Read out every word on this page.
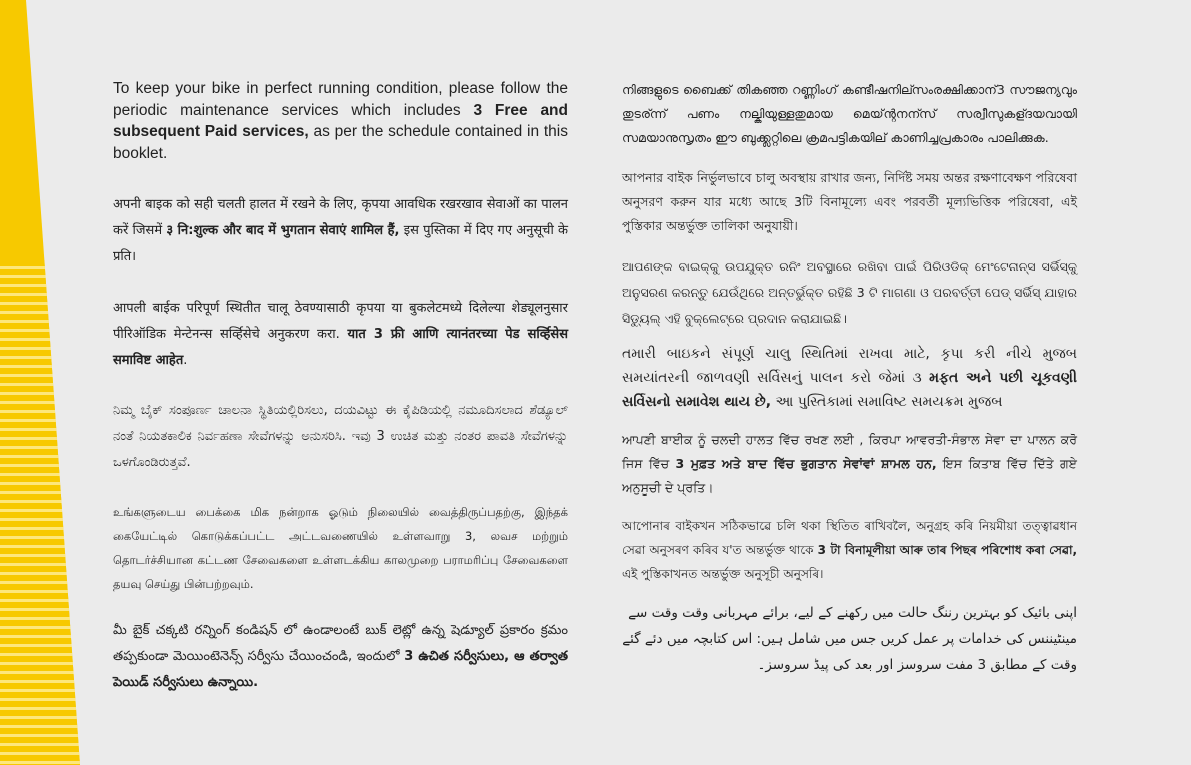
To keep your bike in perfect running condition, please follow the periodic maintenance services which includes 3 Free and subsequent Paid services, as per the schedule contained in this booklet.

अपनी बाइक को सही चलती हालत में रखने के लिए, कृपया आवधिक रखरखाव सेवाओं का पालन करें जिसमें ३ नि:शुल्क और बाद में भुगतान सेवाएं शामिल हैं, इस पुस्तिका में दिए गए अनुसूची के प्रति।

आपली बाईक परिपूर्ण स्थितीत चालू ठेवण्यासाठी कृपया या बुकलेटमध्ये दिलेल्या शेड्यूलनुसार पीरिऑडिक मेन्टेनन्स सर्व्हिसेचे अनुकरण करा. यात 3 फ्री आणि त्यानंतरच्या पेड सर्व्हिसेस समाविष्ट आहेत.

ನಿಮ್ಮ ಬೈಕ್ ಸಂಪೂರ್ಣ ಚಾಲನಾ ಸ್ಥಿತಿಯಲ್ಲಿರಿಸಲು, ದಯವಿಟ್ಟು ಈ ಕೈಪಿಡಿಯಲ್ಲಿ ನಮೂದಿಸಲಾದ ಶೆಡ್ಯೂಲ್ ನಂತೆ ನಿಯತಕಾಲಿಕ ನಿರ್ವಹಣಾ ಸೇವೆಗಳನ್ನು ಅನುಸರಿಸಿ. ಇವು 3 ಉಚಿತ ಮತ್ತು ನಂತರ ಪಾವತಿ ಸೇವೆಗಳನ್ನು ಒಳಗೊಂಡಿರುತ್ತವೆ.

உங்களுடைய பைக்கை மிக நன்றாக ஓடும் நிலையில் வைத்திருப்பதற்கு, இந்தக் கையேட்டில் கொடுக்கப்பட்ட அட்டவணையில் உள்ளவாறு 3, லவச மற்றும் தொடர்ச்சியான கட்டண சேவைகளை உள்ளடக்கிய காலமுறை பராமரிப்பு சேவைகளை தயவு செய்து பின்பற்றவும்.

మీ బైక్ చక్కటి రన్నింగ్ కండిషన్ లో ఉండాలంటే బుక్ లెట్లో ఉన్న షెడ్యూల్ ప్రకారం క్రమం తప్పకుండా మెయింటెనెన్స్ సర్వీసు చేయించండి, ఇందులో 3 ఉచిత సర్వీసులు, ఆ తర్వాత పెయిడ్ సర్వీసులు ఉన్నాయి.

നിങ്ങളുടെ ബൈക്ക് തികഞ്ഞ റണ്ണിംഗ് കണ്ടീഷനില്സംരക്ഷിക്കാന്3 സൗജന്യവും തുടര്ന്ന് പണം നല്കിയുള്ളതുമായ മെയ്ന്റനന്സ് സര്വീസുകള്ദയവായി സമയാനുസൃതം ഈ ബുക്ക്ലറ്റിലെ ക്രമപട്ടികയില് കാണിച്ചപ്രകാരം പാലിക്കുക.

আপনার বাইক নির্ভুলভাবে চালু অবস্থায় রাখার জন্য, নির্দিষ্ট সময় অন্তর রক্ষণাবেক্ষণ পরিষেবা অনুসরণ করুন যার মধ্যে আছে 3টি বিনামূল্যে এবং পরবর্তী মূল্যভিত্তিক পরিষেবা, এই পুস্তিকার অন্তর্ভুক্ত তালিকা অনুযায়ী।

ଆପଣଙ୍କ ବାଇକ୍‌କୁ ଉପଯୁକ୍ତ ରନିଂ ଅବସ୍ଥାରେ ରଖିବା ପାଇଁ ପିରିଓଡିକ୍ ମେଂଟେନାନ୍‌ସ ସର୍ଭିସ୍‌କୁ ଅନୁସରଣ କରନ୍ତୁ ଯେଉଁଥିରେ ଅନ୍ତର୍ଭୁକ୍ତ ରହିଛି 3 ଟି ମାଗଣା ଓ ପରବର୍ତ୍ତୀ ପେଡ୍ ସର୍ଭିସ୍ ଯାହାର ସିଡ୍ୟୁଲ୍ ଏହି ବୁକ୍‌ଲେଟ୍‌ରେ ପ୍ରଦାନ କରାଯାଇଛି।

તમારી બાઇકને સંપૂર્ણ ચાલુ સ્થિતિમાં રાખવા માટે, કૃપા કરી નીચે મુજબ સમયાંતરની જાળવણી સર્વિસનું પાલન કરો જેમાં ૩ મફત અને પછી ચૂકવણી સર્વિસનો સમાવેશ થાય છે, આ પુસ્તિકામાં સમાવિષ્ટ સમયક્રમ મુજબ

ਆਪਣੀ ਬਾਈਕ ਨੂੰ ਚਲਦੀ ਹਾਲਤ ਵਿੱਚ ਰਖਣ ਲਈ , ਕਿਰਪਾ ਆਵਰਤੀ-ਸੰਭਾਲ ਸੇਵਾ ਦਾ ਪਾਲਨ ਕਰੋ ਜਿਸ ਵਿੱਚ 3 ਮੁਫ਼ਤ ਅਤੇ ਬਾਦ ਵਿੱਚ ਭੁਗਤਾਨ ਸੇਵਾਂਵਾਂ ਸ਼ਾਮਲ ਹਨ, ਇਸ ਕਿਤਾਬ ਵਿੱਚ ਦਿੱਤੇ ਗਏ ਅਨੁਸੂਚੀ ਦੇ ਪ੍ਰਤਿ।

আপোনাৰ বাইকখন সঠিকভাৱে চলি থকা স্থিতিত ৰাখিবলৈ, অনুগ্ৰহ কৰি নিয়মীয়া তত্ত্বাৱধান সেৱা অনুসৰণ কৰিব য'ত অন্তৰ্ভুক্ত থাকে 3 টা বিনামূলীয়া আৰু তাৰ পিছৰ পৰিশোধ কৰা সেৱা, এই পুস্তিকাখনত অন্তৰ্ভুক্ত অনুসূচী অনুসৰি।

اپنی بائیک کو بہترین رننگ حالت میں رکھنے کے لیے، برائے مہربانی وقت وقت سے مینٹیننس کی خدامات پر عمل کریں جس میں شامل ہیں: اس کتابچہ میں دئے گئے وقت کے مطابق 3 مفت سروسز اور بعد کی پیڈ سروسز۔
